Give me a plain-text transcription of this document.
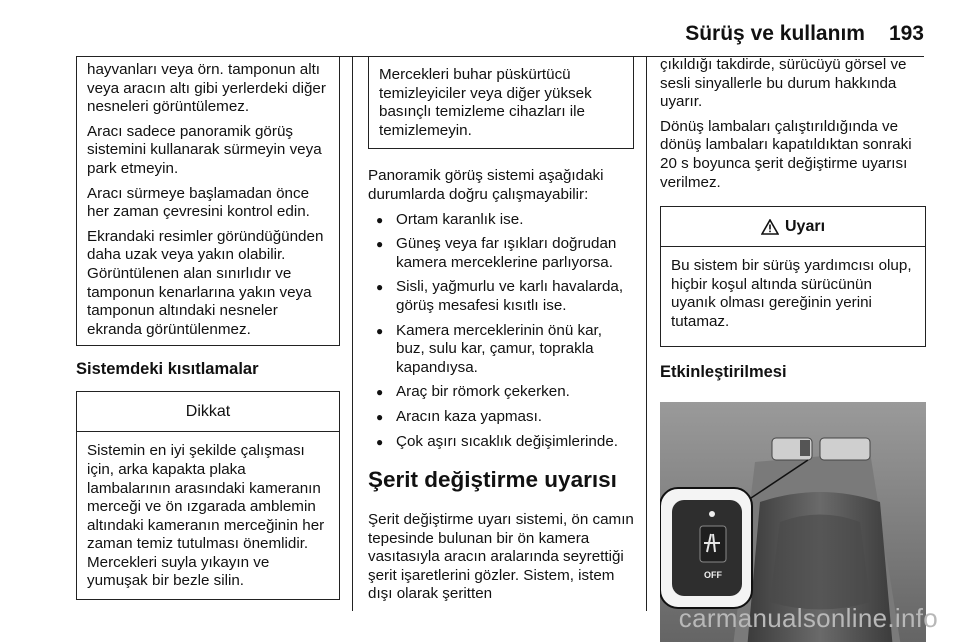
Sürüş ve kullanım 193

hayvanları veya örn. tamponun altı veya aracın altı gibi yerlerdeki diğer nesneleri görüntülemez.

Aracı sadece panoramik görüş sistemini kullanarak sürmeyin veya park etmeyin.

Aracı sürmeye başlamadan önce her zaman çevresini kontrol edin.

Ekrandaki resimler göründüğünden daha uzak veya yakın olabilir. Görüntülenen alan sınırlıdır ve tamponun kenarlarına yakın veya tamponun altındaki nesneler ekranda görüntülenmez.

Sistemdeki kısıtlamalar
Dikkat

Sistemin en iyi şekilde çalışması için, arka kapakta plaka lambalarının arasındaki kameranın merceği ve ön ızgarada amblemin altındaki kameranın merceğinin her zaman temiz tutulması önemlidir. Mercekleri suyla yıkayın ve yumuşak bir bezle silin.

Mercekleri buhar püskürtücü temizleyiciler veya diğer yüksek basınçlı temizleme cihazları ile temizlemeyin.

Panoramik görüş sistemi aşağıdaki durumlarda doğru çalışmayabilir:

● Ortam karanlık ise.
● Güneş veya far ışıkları doğrudan kamera merceklerine parlıyorsa.
● Sisli, yağmurlu ve karlı havalarda, görüş mesafesi kısıtlı ise.
● Kamera merceklerinin önü kar, buz, sulu kar, çamur, toprakla kapandıysa.
● Araç bir römork çekerken.
● Aracın kaza yapması.
● Çok aşırı sıcaklık değişimlerinde.
Şerit değiştirme uyarısı

Şerit değiştirme uyarı sistemi, ön camın tepesinde bulunan bir ön kamera vasıtasıyla aracın aralarında seyrettiği şerit işaretlerini gözler. Sistem, istem dışı olarak şeritten

çıkıldığı takdirde, sürücüyü görsel ve sesli sinyallerle bu durum hakkında uyarır.

Dönüş lambaları çalıştırıldığında ve dönüş lambaları kapatıldıktan sonraki 20 s boyunca şerit değiştirme uyarısı verilmez.

Uyarı

Bu sistem bir sürüş yardımcısı olup, hiçbir koşul altında sürücünün uyanık olması gereğinin yerini tutamaz.

Etkinleştirilmesi
OFF
carmanualsonline.info
